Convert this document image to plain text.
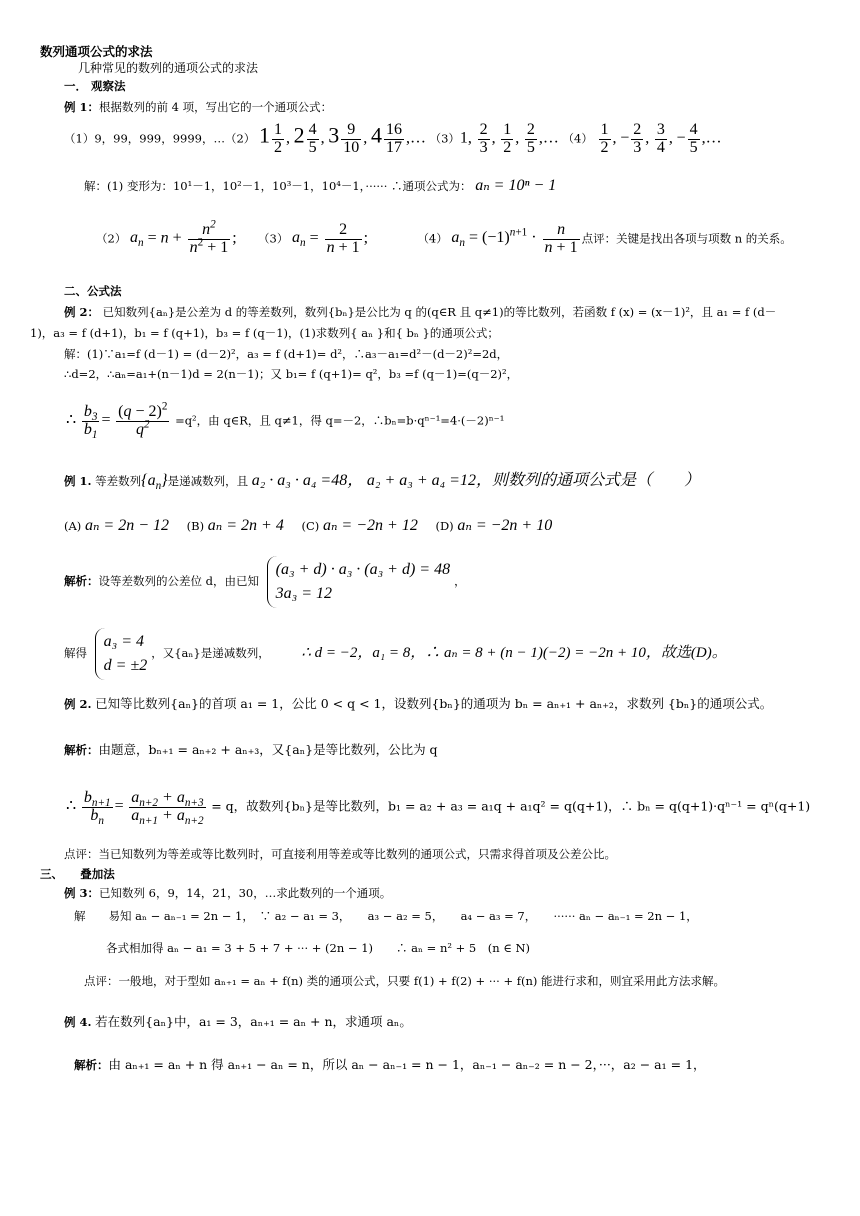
数列通项公式的求法
几种常见的数列的通项公式的求法
一． 观察法
例 1：根据数列的前 4 项，写出它的一个通项公式：
（1）9，99，999，9999，…（2） $1 \frac{1}{2}$ , $2 \frac{4}{5}$ , $3 \frac{9}{10}$ , $4 \frac{16}{17}$ ,… （3）1, $\frac{2}{3}$ , $\frac{1}{2}$ , $\frac{2}{5}$ ,… $(4) \frac{1}{2}$ , − $\frac{2}{3}$ , $\frac{3}{4}$ , − $\frac{4}{5}$ ,…
解：(1) 变形为：10¹－1，10²－1，10³－1，10⁴－1，······ ∴通项公式为： aₙ = 10ⁿ − 1
（2） $a_n = n + \frac{n^2}{n^2 + 1}$ ; （3） $a_n = \frac{2}{n + 1}$ ;	（4） $a_n = (-1)^{n+1} \cdot \frac{n}{n + 1}$ 点评：关键是找出各项与项数 n 的关系。
二、公式法
例 2： 已知数列{aₙ}是公差为 d 的等差数列，数列{bₙ}是公比为 q 的(q∈R 且 q≠1)的等比数列，若函数 f (x) = (x－1)²，且 a₁ = f (d－
1)，a₃ = f (d+1)，b₁ = f (q+1)，b₃ = f (q－1)，(1)求数列{ aₙ }和{ bₙ }的通项公式；
解：(1)∵a₁=f (d－1) = (d－2)²，a₃ = f (d+1)= d²，∴a₃－a₁=d²－(d－2)²=2d，
∴d=2，∴aₙ=a₁+(n－1)d = 2(n－1)；又 b₁= f (q+1)= q²，b₃ =f (q－1)=(q－2)²，
∴ $\frac{b_3}{b_1} = \frac{(q - 2)^2}{q^2} =q^2$，由 q∈R，且 q≠1，得 q=－2，∴bₙ=b·qⁿ⁻¹=4·(－2)ⁿ⁻¹
例 1. 等差数列$\{a_n\}$是递减数列，且 a₂ · a₃ · a₄ =48， a₂ + a₃ + a₄ =12，则数列的通项公式是（　　）
(A) aₙ = 2n − 12 (B) aₙ = 2n + 4 (C) aₙ = −2n + 12 (D) aₙ = −2n + 10
解析：设等差数列的公差位 d，由已知
(a₃ + d) · a₃ · (a₃ + d) = 48
3a₃ = 12
，
解得
a₃ = 4
d = ±2
，又{aₙ}是递减数列， ∴ d = −2，a₁ = 8，∴ aₙ = 8 + (n − 1)(−2) = −2n + 10，故选(D)。
例 2. 已知等比数列{aₙ}的首项 a₁ = 1，公比 0 < q < 1，设数列{bₙ}的通项为 bₙ = aₙ₊₁ + aₙ₊₂，求数列 {bₙ}的通项公式。
解析：由题意，bₙ₊₁ = aₙ₊₂ + aₙ₊₃，又{aₙ}是等比数列，公比为 q
∴ $\frac{b_{n+1}}{b_n} = \frac{a_{n+2} + a_{n+3}}{a_{n+1} + a_{n+2}} = q$，故数列{bₙ}是等比数列，b₁ = a₂ + a₃ = a₁q + a₁q² = q(q+1)，∴ bₙ = q(q+1)·qⁿ⁻¹ = qⁿ(q+1)
点评：当已知数列为等差或等比数列时，可直接利用等差或等比数列的通项公式，只需求得首项及公差公比。
三、　　叠加法
例 3：已知数列 6，9，14，21，30，…求此数列的一个通项。
解　　易知 aₙ − aₙ₋₁ = 2n − 1，　∵ a₂ − a₁ = 3，　　a₃ − a₂ = 5，　　a₄ − a₃ = 7，　　······ aₙ − aₙ₋₁ = 2n − 1，
各式相加得 aₙ − a₁ = 3 + 5 + 7 + ··· + (2n − 1)　　∴ aₙ = n² + 5　(n ∈ N)
点评：一般地，对于型如 aₙ₊₁ = aₙ + f(n) 类的通项公式，只要 f(1) + f(2) + ··· + f(n) 能进行求和，则宜采用此方法求解。
例 4. 若在数列{aₙ}中，a₁ = 3，aₙ₊₁ = aₙ + n，求通项 aₙ。
解析：由 aₙ₊₁ = aₙ + n 得 aₙ₊₁ − aₙ = n，所以 aₙ − aₙ₋₁ = n − 1，aₙ₋₁ − aₙ₋₂ = n − 2，···，a₂ − a₁ = 1，
